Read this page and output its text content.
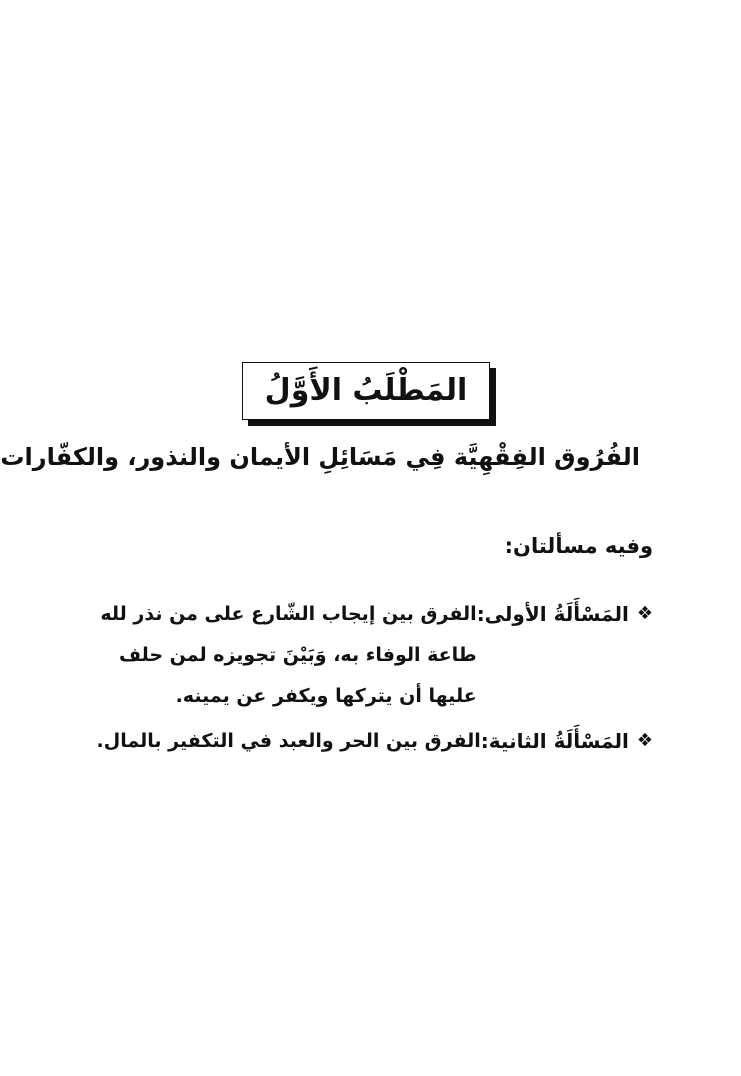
المَطْلَبُ الأَوَّلُ
الفُرُوق الفِقْهِيَّة فِي مَسَائِلِ الأيمان والنذور، والكفّارات
وفيه مسألتان:
❖
المَسْأَلَةُ الأولى:
الفرق بين إيجاب الشّارع على من نذر لله طاعة الوفاء به، وَبَيْنَ تجويزه لمن حلف عليها أن يتركها ويكفر عن يمينه.
❖
المَسْأَلَةُ الثانية:
الفرق بين الحر والعبد في التكفير بالمال.
